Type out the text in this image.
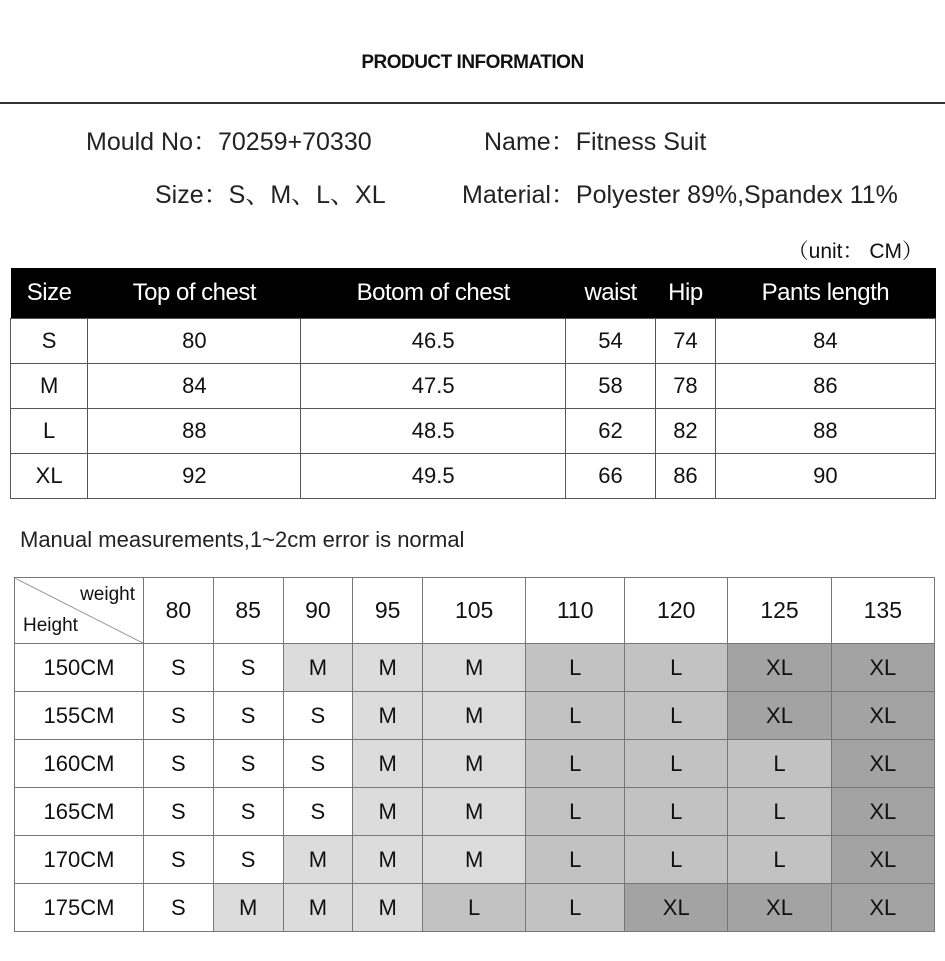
PRODUCT INFORMATION
Mould No：70259+70330	Name：Fitness Suit
Size：S、M、L、XL	Material：Polyester 89%,Spandex 11%
（unit： CM）
Size	Top of chest	Botom of chest	waist	Hip	Pants length
S	80	46.5	54	74	84
M	84	47.5	58	78	86
L	88	48.5	62	82	88
XL	92	49.5	66	86	90
Manual measurements,1~2cm error is normal
weight
Height	80	85	90	95	105	110	120	125	135
150CM	S	S	M	M	M	L	L	XL	XL
155CM	S	S	S	M	M	L	L	XL	XL
160CM	S	S	S	M	M	L	L	L	XL
165CM	S	S	S	M	M	L	L	L	XL
170CM	S	S	M	M	M	L	L	L	XL
175CM	S	M	M	M	L	L	XL	XL	XL
